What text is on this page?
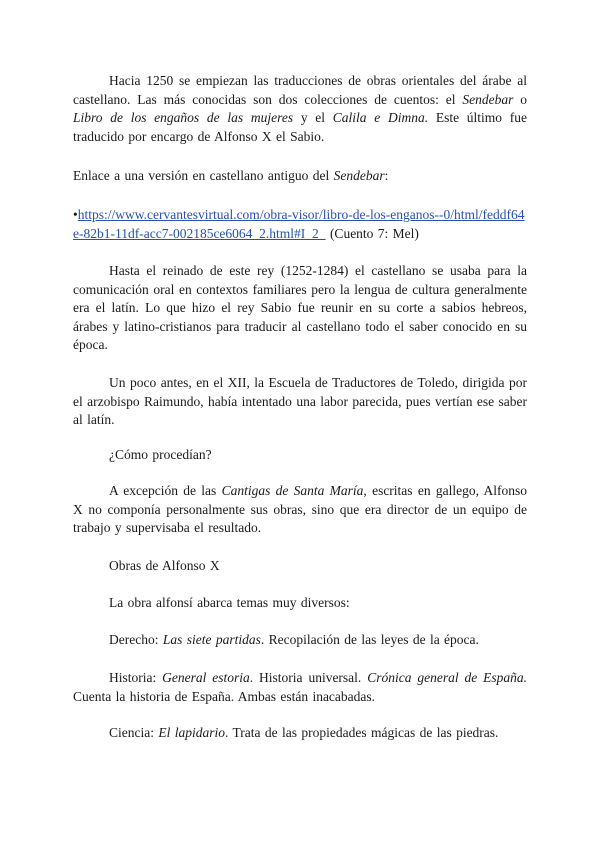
Hacia 1250 se empiezan las traducciones de obras orientales del árabe al castellano. Las más conocidas son dos colecciones de cuentos: el Sendebar o Libro de los engaños de las mujeres y el Calila e Dimna. Este último fue traducido por encargo de Alfonso X el Sabio.

Enlace a una versión en castellano antiguo del Sendebar:

•https://www.cervantesvirtual.com/obra-visor/libro-de-los-enganos--0/html/feddf64e-82b1-11df-acc7-002185ce6064_2.html#I_2_ (Cuento 7: Mel)

Hasta el reinado de este rey (1252-1284) el castellano se usaba para la comunicación oral en contextos familiares pero la lengua de cultura generalmente era el latín. Lo que hizo el rey Sabio fue reunir en su corte a sabios hebreos, árabes y latino-cristianos para traducir al castellano todo el saber conocido en su época.

Un poco antes, en el XII, la Escuela de Traductores de Toledo, dirigida por el arzobispo Raimundo, había intentado una labor parecida, pues vertían ese saber al latín.

¿Cómo procedían?

A excepción de las Cantigas de Santa María, escritas en gallego, Alfonso X no componía personalmente sus obras, sino que era director de un equipo de trabajo y supervisaba el resultado.

Obras de Alfonso X

La obra alfonsí abarca temas muy diversos:

Derecho: Las siete partidas. Recopilación de las leyes de la época.

Historia: General estoria. Historia universal. Crónica general de España. Cuenta la historia de España. Ambas están inacabadas.

Ciencia: El lapidario. Trata de las propiedades mágicas de las piedras.
